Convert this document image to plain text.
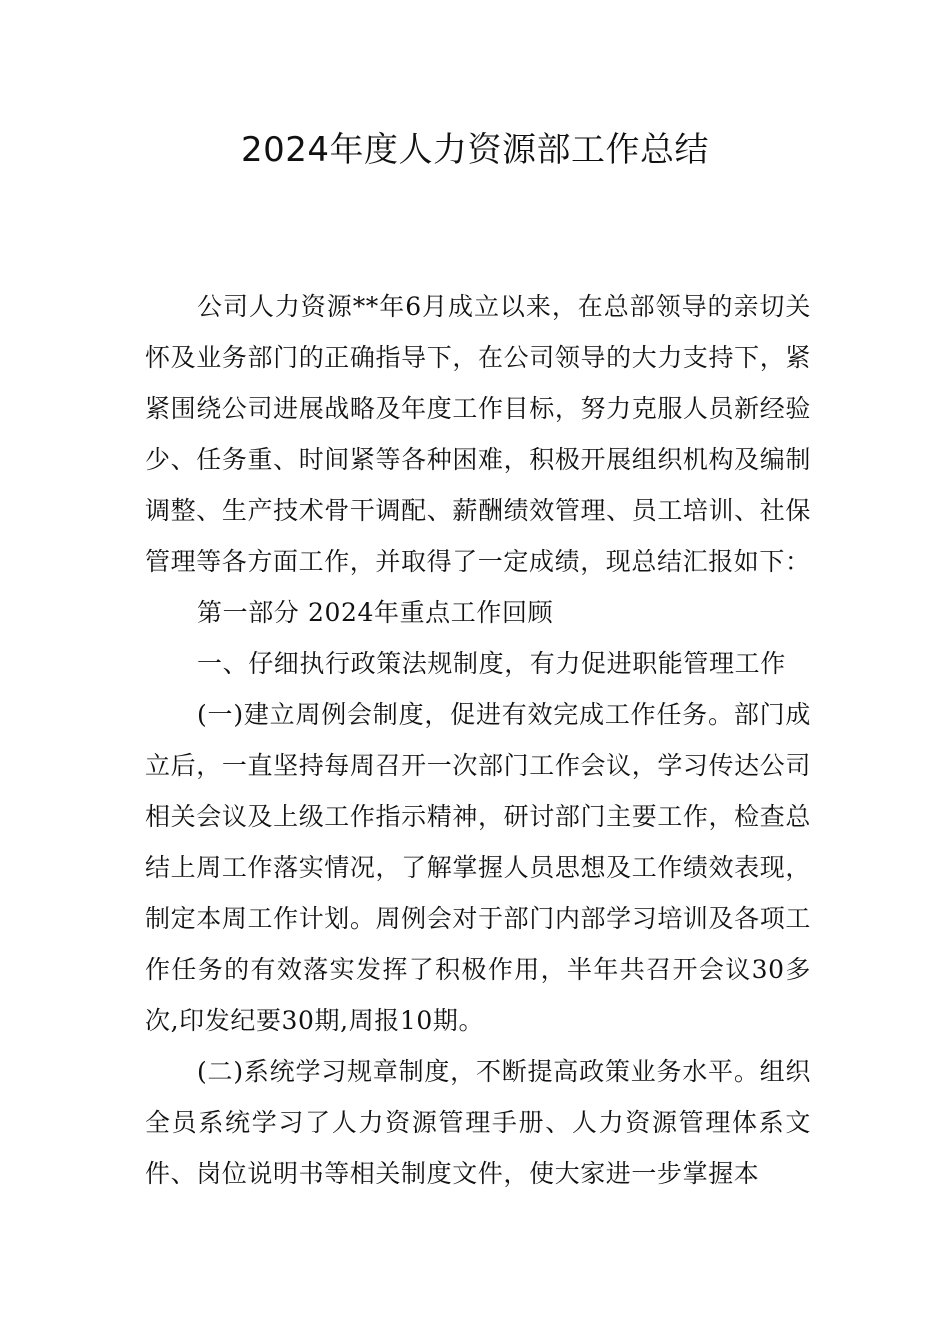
2024年度人力资源部工作总结

公司人力资源**年6月成立以来，在总部领导的亲切关怀及业务部门的正确指导下，在公司领导的大力支持下，紧紧围绕公司进展战略及年度工作目标，努力克服人员新经验少、任务重、时间紧等各种困难，积极开展组织机构及编制调整、生产技术骨干调配、薪酬绩效管理、员工培训、社保管理等各方面工作，并取得了一定成绩，现总结汇报如下：

第一部分 2024年重点工作回顾

一、仔细执行政策法规制度，有力促进职能管理工作

(一)建立周例会制度，促进有效完成工作任务。部门成立后，一直坚持每周召开一次部门工作会议，学习传达公司相关会议及上级工作指示精神，研讨部门主要工作，检查总结上周工作落实情况，了解掌握人员思想及工作绩效表现，制定本周工作计划。周例会对于部门内部学习培训及各项工作任务的有效落实发挥了积极作用，半年共召开会议30多次,印发纪要30期,周报10期。

(二)系统学习规章制度，不断提高政策业务水平。组织全员系统学习了人力资源管理手册、人力资源管理体系文件、岗位说明书等相关制度文件，使大家进一步掌握本
